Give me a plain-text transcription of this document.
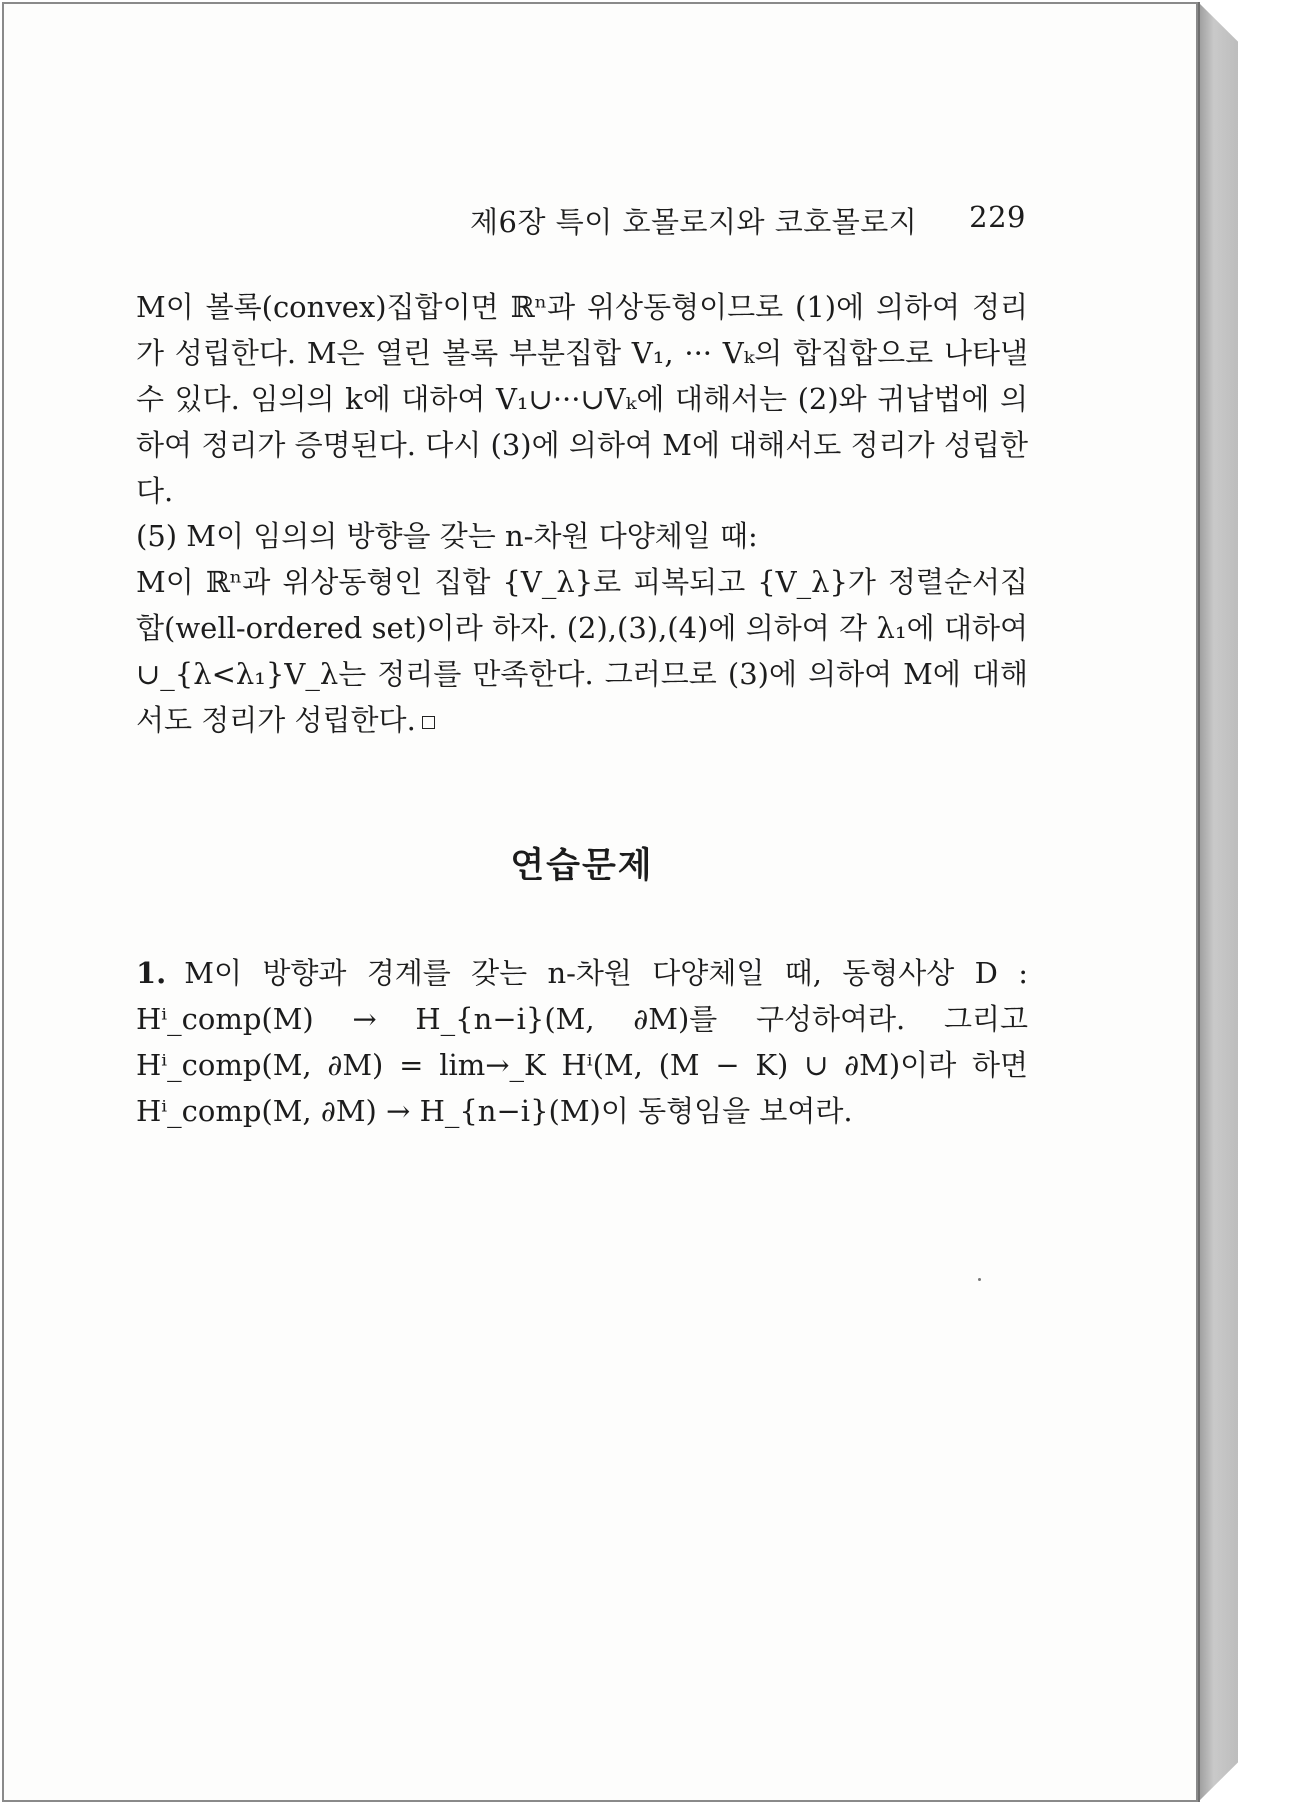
제6장 특이 호몰로지와 코호몰로지 229

M이 볼록(convex)집합이면 ℝⁿ과 위상동형이므로 (1)에 의하여 정리가 성립한다. M은 열린 볼록 부분집합 V₁, ··· Vₖ의 합집합으로 나타낼 수 있다. 임의의 k에 대하여 V₁∪···∪Vₖ에 대해서는 (2)와 귀납법에 의하여 정리가 증명된다. 다시 (3)에 의하여 M에 대해서도 정리가 성립한다.

(5) M이 임의의 방향을 갖는 n-차원 다양체일 때:
M이 ℝⁿ과 위상동형인 집합 {V_λ}로 피복되고 {V_λ}가 정렬순서집합(well-ordered set)이라 하자. (2),(3),(4)에 의하여 각 λ₁에 대하여 ∪_{λ<λ₁}V_λ는 정리를 만족한다. 그러므로 (3)에 의하여 M에 대해서도 정리가 성립한다.

연습문제

1. M이 방향과 경계를 갖는 n-차원 다양체일 때, 동형사상 D : Hⁱ_comp(M) → H_{n−i}(M, ∂M)를 구성하여라. 그리고 Hⁱ_comp(M, ∂M) = lim→_K Hⁱ(M, (M − K) ∪ ∂M)이라 하면 Hⁱ_comp(M, ∂M) → H_{n−i}(M)이 동형임을 보여라.
